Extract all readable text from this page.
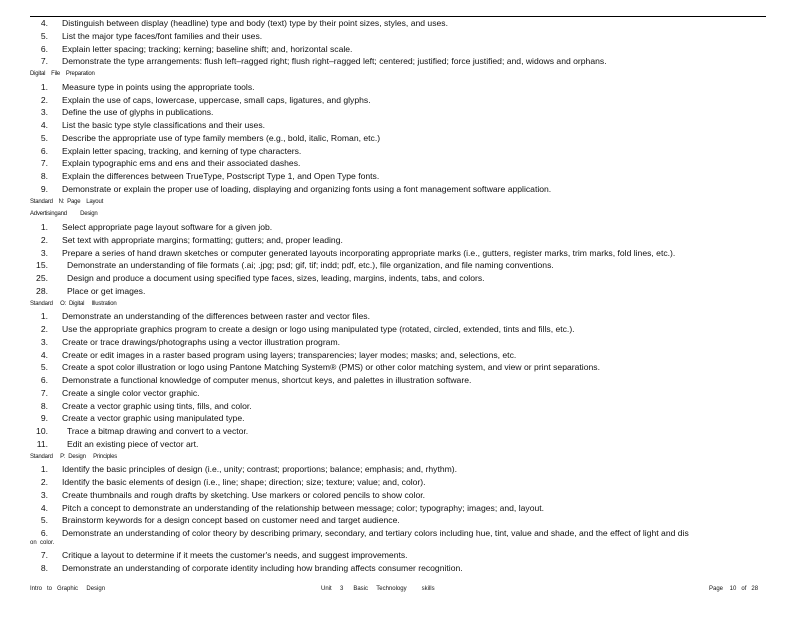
4. Distinguish between display (headline) type and body (text) type by their point sizes, styles, and uses.
5. List the major type faces/font families and their uses.
6. Explain letter spacing; tracking; kerning; baseline shift; and, horizontal scale.
7. Demonstrate the type arrangements: flush left–ragged right; flush right–ragged left; centered; justified; force justified; and, widows and orphans.
Digital    File    Preparation
1. Measure type in points using the appropriate tools.
2. Explain the use of caps, lowercase, uppercase, small caps, ligatures, and glyphs.
3. Define the use of glyphs in publications.
4. List the basic type style classifications and their uses.
5. Describe the appropriate use of type family members (e.g., bold, italic, Roman, etc.)
6. Explain letter spacing, tracking, and kerning of type characters.
7. Explain typographic ems and ens and their associated dashes.
8. Explain the differences between TrueType, Postscript Type 1, and Open Type fonts.
9. Demonstrate or explain the proper use of loading, displaying and organizing fonts using a font management software application.
Standard    N:  Page    Layout
Advertisingand         Design
1. Select appropriate page layout software for a given job.
2. Set text with appropriate margins; formatting; gutters; and, proper leading.
3. Prepare a series of hand drawn sketches or computer generated layouts incorporating appropriate marks (i.e., gutters, register marks, trim marks, fold lines, etc.).
15. Demonstrate an understanding of file formats (.ai; .jpg; psd; gif, tif; indd; pdf, etc.), file organization, and file naming conventions.
25. Design and produce a document using specified type faces, sizes, leading, margins, indents, tabs, and colors.
28. Place or get images.
Standard     O:  Digital     Illustration
1. Demonstrate an understanding of the differences between raster and vector files.
2. Use the appropriate graphics program to create a design or logo using manipulated type (rotated, circled, extended, tints and fills, etc.).
3. Create or trace drawings/photographs using a vector illustration program.
4. Create or edit images in a raster based program using layers; transparencies; layer modes; masks; and, selections, etc.
5. Create a spot color illustration or logo using Pantone Matching System® (PMS) or other color matching system, and view or print separations.
6. Demonstrate a functional knowledge of computer menus, shortcut keys, and palettes in illustration software.
7. Create a single color vector graphic.
8. Create a vector graphic using tints, fills, and color.
9. Create a vector graphic using manipulated type.
10. Trace a bitmap drawing and convert to a vector.
11. Edit an existing piece of vector art.
Standard     P:  Design     Principles
1. Identify the basic principles of design (i.e., unity; contrast; proportions; balance; emphasis; and, rhythm).
2. Identify the basic elements of design (i.e., line; shape; direction; size; texture; value; and, color).
3. Create thumbnails and rough drafts by sketching. Use markers or colored pencils to show color.
4. Pitch a concept to demonstrate an understanding of the relationship between message; color; typography; images; and, layout.
5. Brainstorm keywords for a design concept based on customer need and target audience.
6. Demonstrate an understanding of color theory by describing primary, secondary, and tertiary colors including hue, tint, value and shade, and the effect of light and dis
on  color.
7. Critique a layout to determine if it meets the customer's needs, and suggest improvements.
8. Demonstrate an understanding of corporate identity including how branding affects consumer recognition.
Intro   to   Graphic     Design	Unit     3      Basic     Technology         skills	Page    10   of   28
